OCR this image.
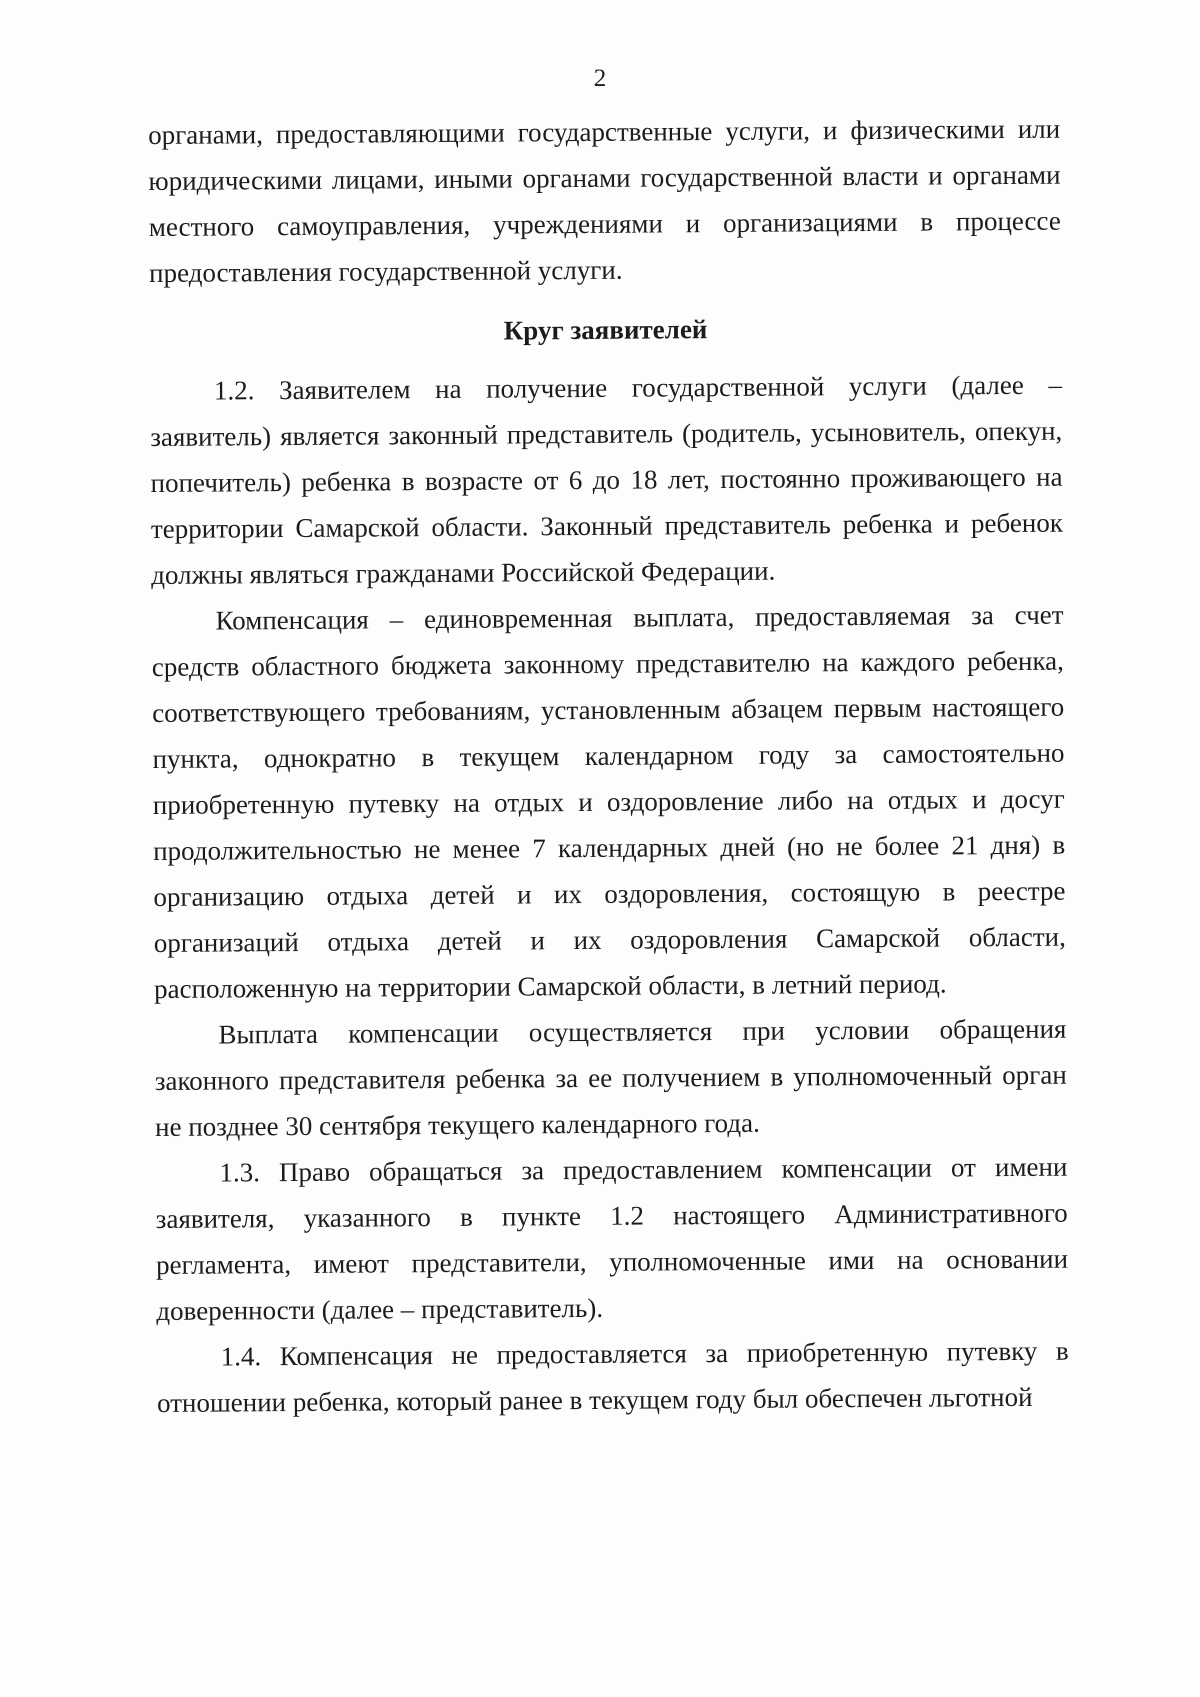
2

органами, предоставляющими государственные услуги, и физическими или юридическими лицами, иными органами государственной власти и органами местного самоуправления, учреждениями и организациями в процессе предоставления государственной услуги.

Круг заявителей

1.2. Заявителем на получение государственной услуги (далее – заявитель) является законный представитель (родитель, усыновитель, опекун, попечитель) ребенка в возрасте от 6 до 18 лет, постоянно проживающего на территории Самарской области. Законный представитель ребенка и ребенок должны являться гражданами Российской Федерации.

Компенсация – единовременная выплата, предоставляемая за счет средств областного бюджета законному представителю на каждого ребенка, соответствующего требованиям, установленным абзацем первым настоящего пункта, однократно в текущем календарном году за самостоятельно приобретенную путевку на отдых и оздоровление либо на отдых и досуг продолжительностью не менее 7 календарных дней (но не более 21 дня) в организацию отдыха детей и их оздоровления, состоящую в реестре организаций отдыха детей и их оздоровления Самарской области, расположенную на территории Самарской области, в летний период.

Выплата компенсации осуществляется при условии обращения законного представителя ребенка за ее получением в уполномоченный орган не позднее 30 сентября текущего календарного года.

1.3. Право обращаться за предоставлением компенсации от имени заявителя, указанного в пункте 1.2 настоящего Административного регламента, имеют представители, уполномоченные ими на основании доверенности (далее – представитель).

1.4. Компенсация не предоставляется за приобретенную путевку в отношении ребенка, который ранее в текущем году был обеспечен льготной
